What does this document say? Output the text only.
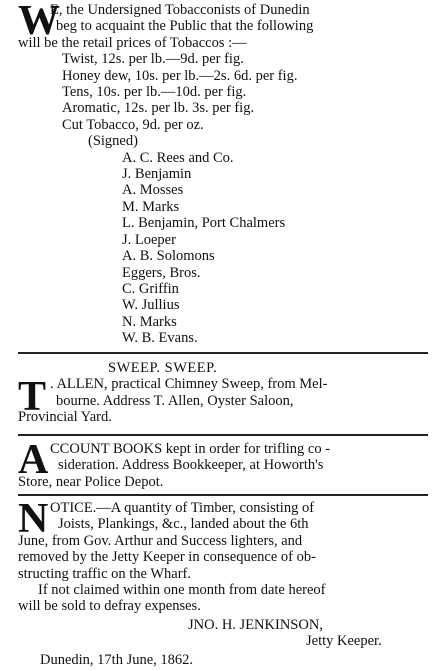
W
E, the Undersigned Tobacconists of Dunedin
beg to acquaint the Public that the following
will be the retail prices of Tobaccos :—
Twist, 12s. per lb.—9d. per fig.
Honey dew, 10s. per lb.—2s. 6d. per fig.
Tens, 10s. per lb.—10d. per fig.
Aromatic, 12s. per lb. 3s. per fig.
Cut Tobacco, 9d. per oz.
(Signed)
A. C. Rees and Co.
J. Benjamin
A. Mosses
M. Marks
L. Benjamin, Port Chalmers
J. Loeper
A. B. Solomons
Eggers, Bros.
C. Griffin
W. Jullius
N. Marks
W. B. Evans.
SWEEP. SWEEP.
T . ALLEN, practical Chimney Sweep, from Mel-
bourne. Address T. Allen, Oyster Saloon,
Provincial Yard.
A CCOUNT BOOKS kept in order for trifling co -
sideration. Address Bookkeeper, at Howorth's
Store, near Police Depot.
N OTICE.—A quantity of Timber, consisting of
Joists, Plankings, &c., landed about the 6th
June, from Gov. Arthur and Success lighters, and
removed by the Jetty Keeper in consequence of ob-
structing traffic on the Wharf.
If not claimed within one month from date hereof
will be sold to defray expenses.
JNO. H. JENKINSON,
Jetty Keeper.
Dunedin, 17th June, 1862.
